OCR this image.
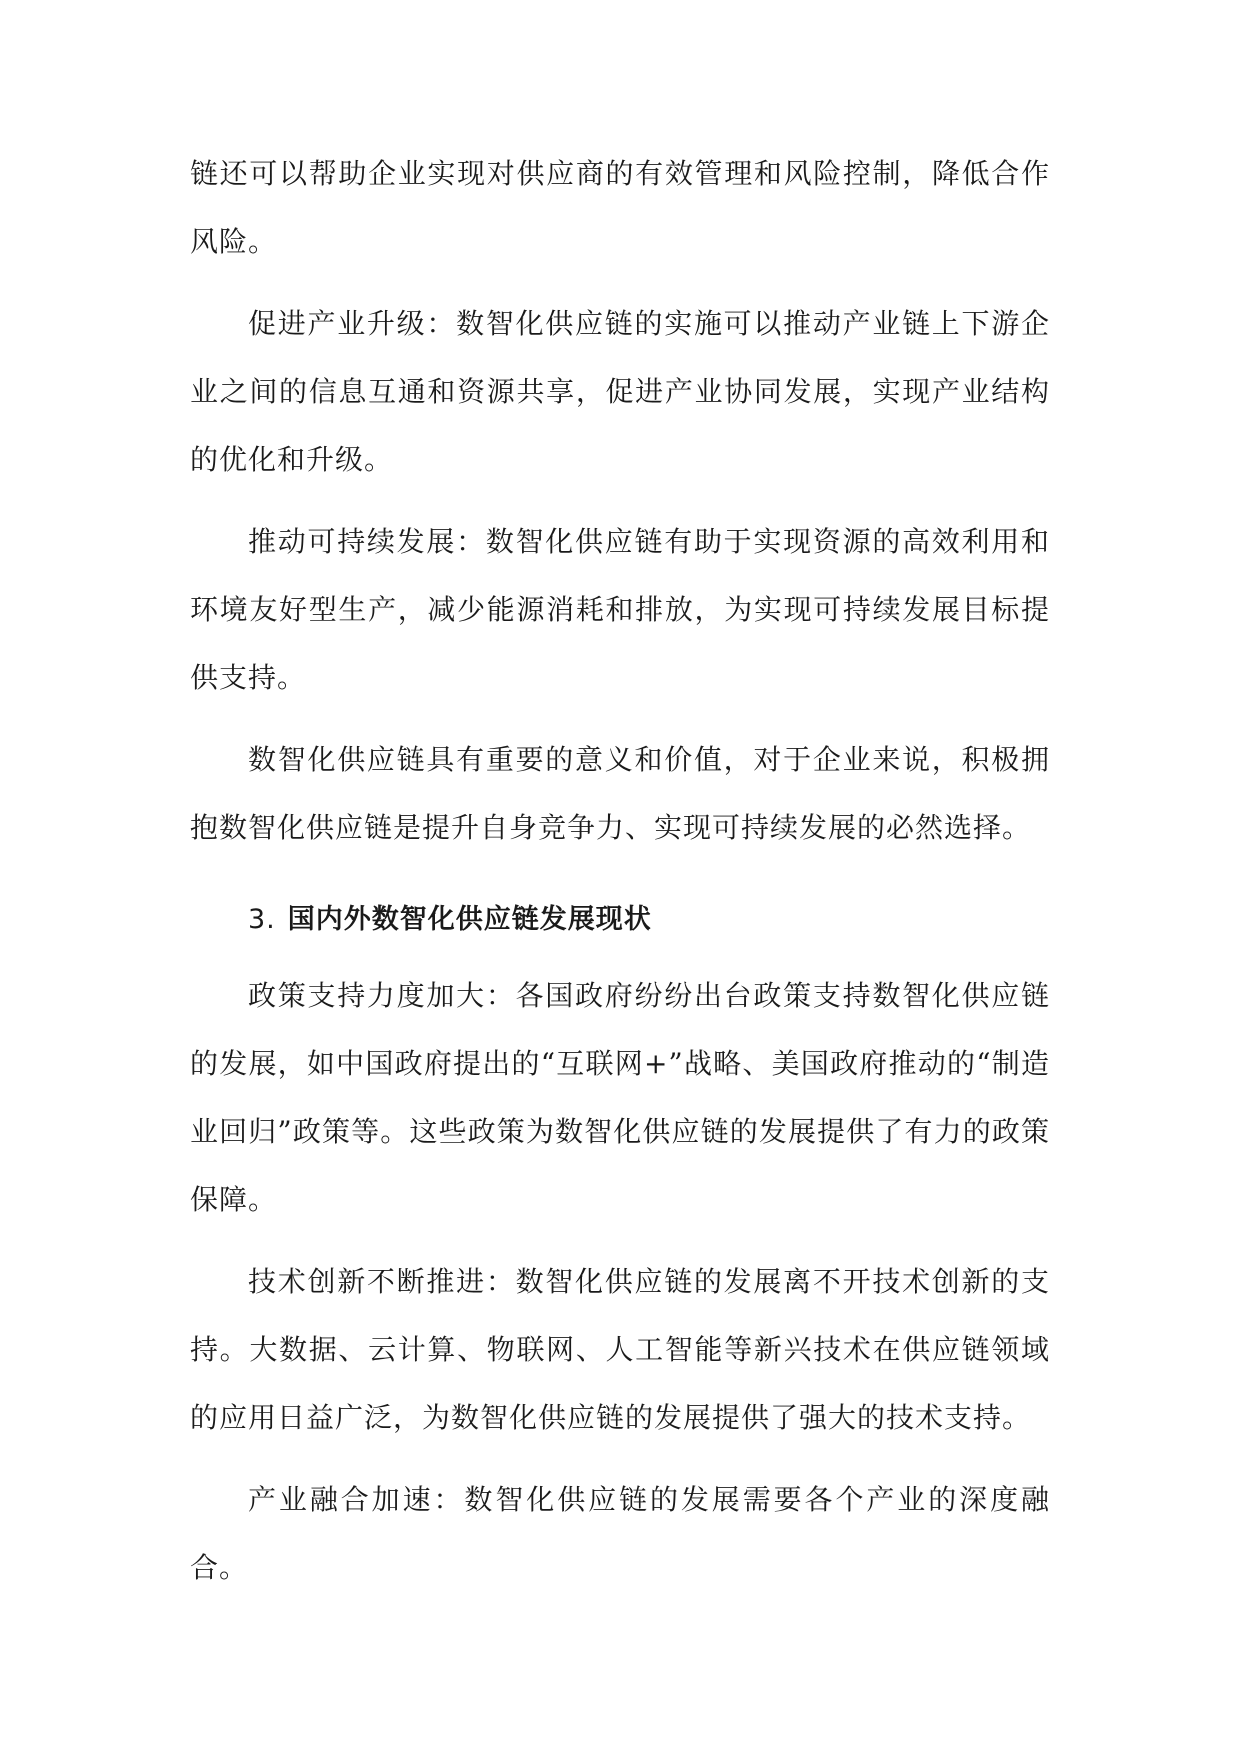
链还可以帮助企业实现对供应商的有效管理和风险控制，降低合作风险。

促进产业升级：数智化供应链的实施可以推动产业链上下游企业之间的信息互通和资源共享，促进产业协同发展，实现产业结构的优化和升级。

推动可持续发展：数智化供应链有助于实现资源的高效利用和环境友好型生产，减少能源消耗和排放，为实现可持续发展目标提供支持。

数智化供应链具有重要的意义和价值，对于企业来说，积极拥抱数智化供应链是提升自身竞争力、实现可持续发展的必然选择。

3. 国内外数智化供应链发展现状

政策支持力度加大：各国政府纷纷出台政策支持数智化供应链的发展，如中国政府提出的“互联网+”战略、美国政府推动的“制造业回归”政策等。这些政策为数智化供应链的发展提供了有力的政策保障。

技术创新不断推进：数智化供应链的发展离不开技术创新的支持。大数据、云计算、物联网、人工智能等新兴技术在供应链领域的应用日益广泛，为数智化供应链的发展提供了强大的技术支持。

产业融合加速：数智化供应链的发展需要各个产业的深度融合。
